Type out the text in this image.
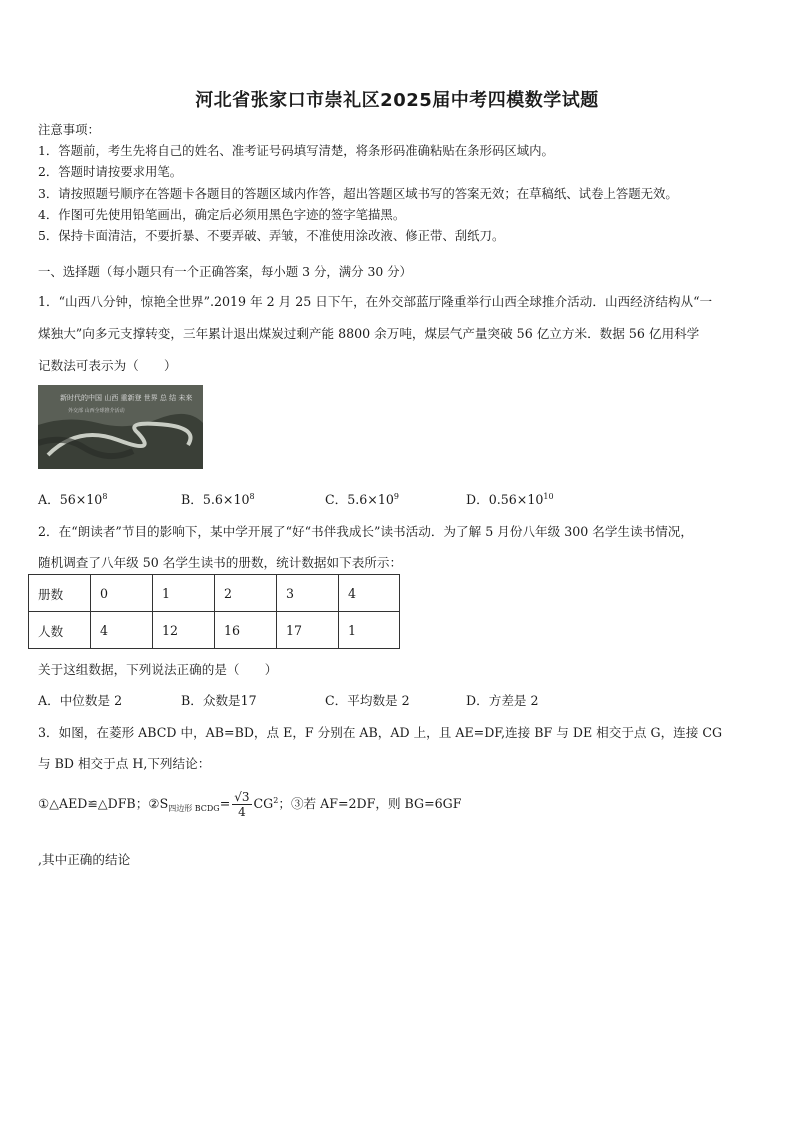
河北省张家口市崇礼区2025届中考四模数学试题
注意事项：
1．答题前，考生先将自己的姓名、准考证号码填写清楚，将条形码准确粘贴在条形码区域内。
2．答题时请按要求用笔。
3．请按照题号顺序在答题卡各题目的答题区域内作答，超出答题区域书写的答案无效；在草稿纸、试卷上答题无效。
4．作图可先使用铅笔画出，确定后必须用黑色字迹的签字笔描黑。
5．保持卡面清洁，不要折暴、不要弄破、弄皱，不准使用涂改液、修正带、刮纸刀。
一、选择题（每小题只有一个正确答案，每小题 3 分，满分 30 分）
1．“山西八分钟，惊艳全世界”.2019 年 2 月 25 日下午，在外交部蓝厅隆重举行山西全球推介活动．山西经济结构从“一
煤独大”向多元支撑转变，三年累计退出煤炭过剩产能 8800 余万吨，煤层气产量突破 56 亿立方米．数据 56 亿用科学
记数法可表示为（　　）
新时代的中国 山西 重新登 世界 总 结 未来
外交部 山西全球推介活动
A．$56\times 10^8$	B．$5.6\times 10^8$	C．$5.6\times 10^9$	D．$0.56\times 10^{10}$
2．在“朗读者”节目的影响下，某中学开展了“好“书伴我成长”读书活动．为了解 5 月份八年级 300 名学生读书情况，
随机调查了八年级 50 名学生读书的册数，统计数据如下表所示：
册数	0	1	2	3	4
人数	4	12	16	17	1
关于这组数据，下列说法正确的是（　　）
A．中位数是 2	B．众数是17	C．平均数是 2	D．方差是 2
3．如图，在菱形 ABCD 中，AB=BD，点 E，F 分别在 AB，AD 上，且 AE=DF,连接 BF 与 DE 相交于点 G，连接 CG
与 BD 相交于点 H,下列结论：
①△AED≌△DFB；$②S_{四边形 BCDG}= \frac{√3}{4} CG^2$；③若 AF=2DF，则 BG=6GF
,其中正确的结论
